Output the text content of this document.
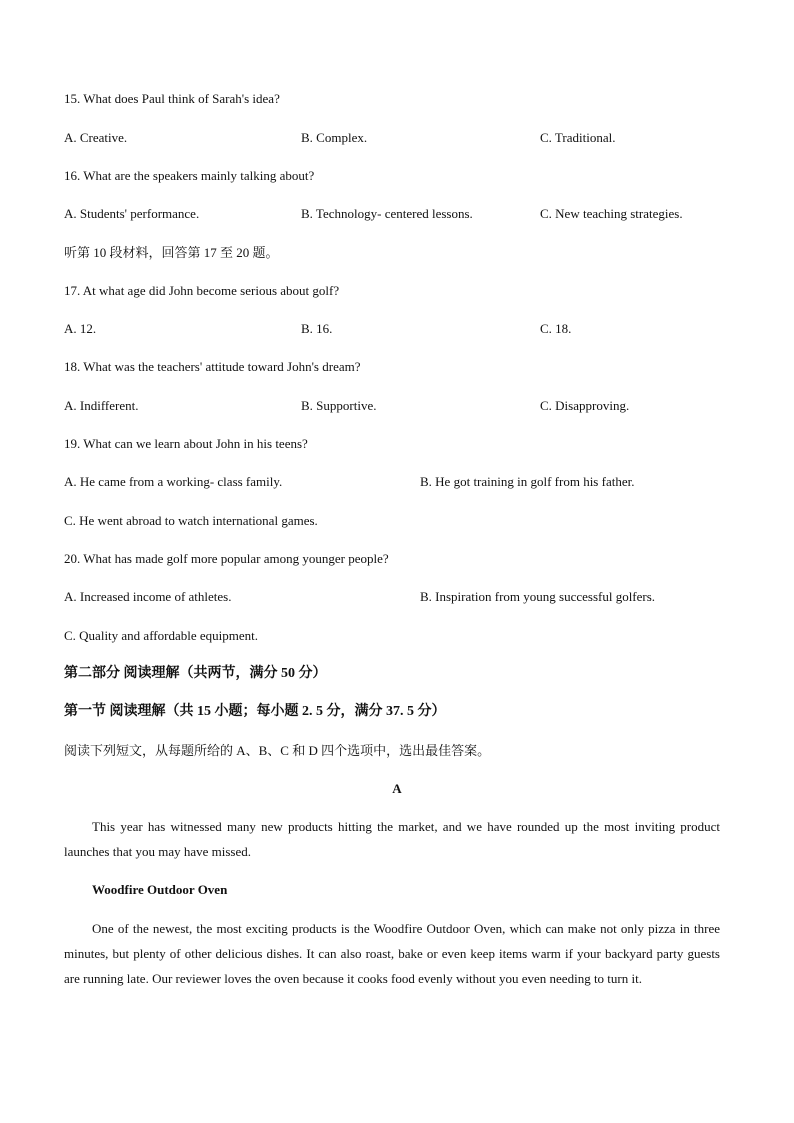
15. What does Paul think of Sarah's idea?
A. Creative.	B. Complex.	C. Traditional.
16. What are the speakers mainly talking about?
A. Students' performance.	B. Technology- centered lessons.	C. New teaching strategies.
听第 10 段材料，回答第 17 至 20 题。
17. At what age did John become serious about golf?
A. 12.	B. 16.	C. 18.
18. What was the teachers' attitude toward John's dream?
A. Indifferent.	B. Supportive.	C. Disapproving.
19. What can we learn about John in his teens?
A. He came from a working- class family.	B. He got training in golf from his father.
C. He went abroad to watch international games.
20. What has made golf more popular among younger people?
A. Increased income of athletes.	B. Inspiration from young successful golfers.
C. Quality and affordable equipment.
第二部分 阅读理解（共两节，满分 50 分）
第一节 阅读理解（共 15 小题；每小题 2. 5 分，满分 37. 5 分）
阅读下列短文，从每题所给的 A、B、C 和 D 四个选项中，选出最佳答案。
A
This year has witnessed many new products hitting the market, and we have rounded up the most inviting product launches that you may have missed.
Woodfire Outdoor Oven
One of the newest, the most exciting products is the Woodfire Outdoor Oven, which can make not only pizza in three minutes, but plenty of other delicious dishes. It can also roast, bake or even keep items warm if your backyard party guests are running late. Our reviewer loves the oven because it cooks food evenly without you even needing to turn it.
